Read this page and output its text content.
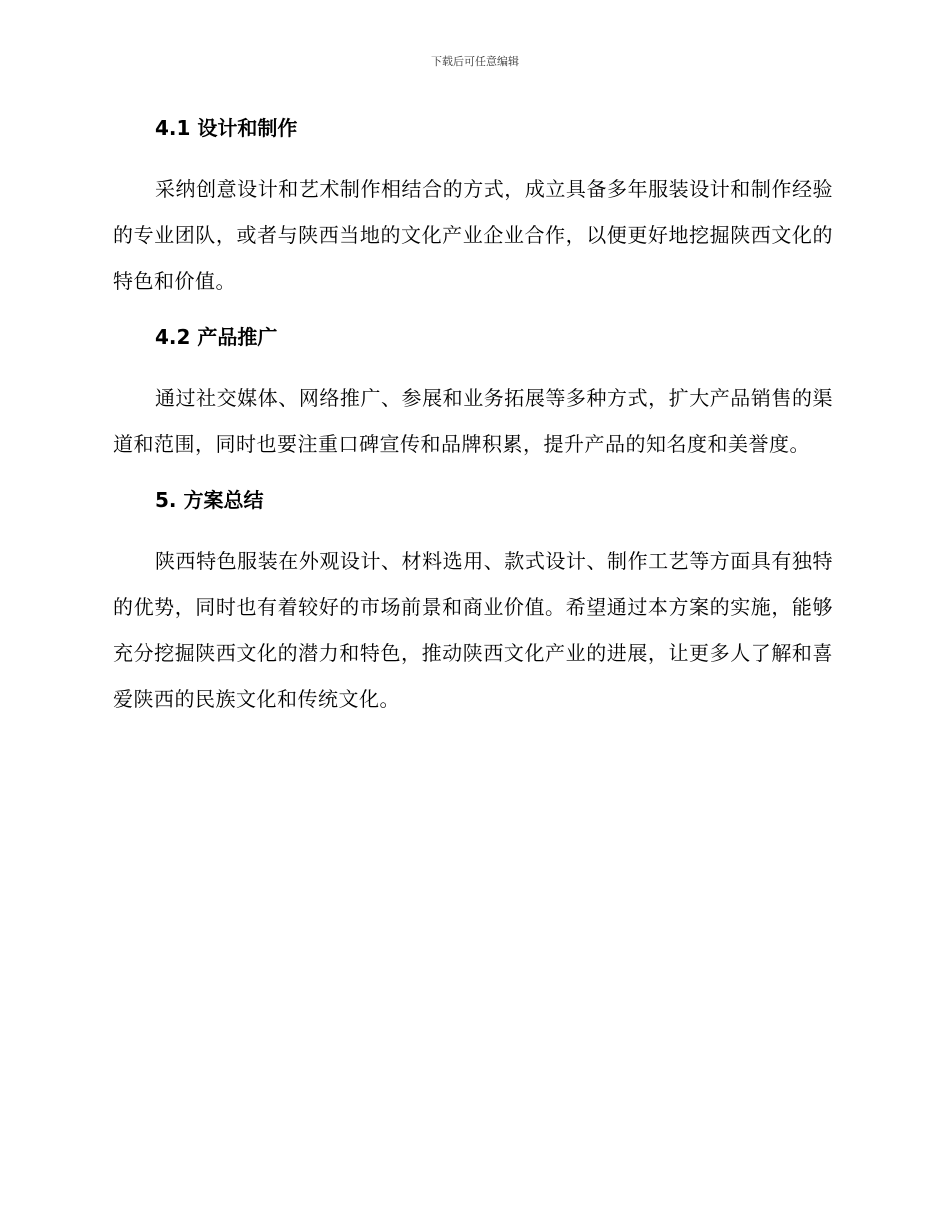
下载后可任意编辑
4.1 设计和制作

采纳创意设计和艺术制作相结合的方式，成立具备多年服装设计和制作经验的专业团队，或者与陕西当地的文化产业企业合作，以便更好地挖掘陕西文化的特色和价值。

4.2 产品推广

通过社交媒体、网络推广、参展和业务拓展等多种方式，扩大产品销售的渠道和范围，同时也要注重口碑宣传和品牌积累，提升产品的知名度和美誉度。

5. 方案总结

陕西特色服装在外观设计、材料选用、款式设计、制作工艺等方面具有独特的优势，同时也有着较好的市场前景和商业价值。希望通过本方案的实施，能够充分挖掘陕西文化的潜力和特色，推动陕西文化产业的进展，让更多人了解和喜爱陕西的民族文化和传统文化。
